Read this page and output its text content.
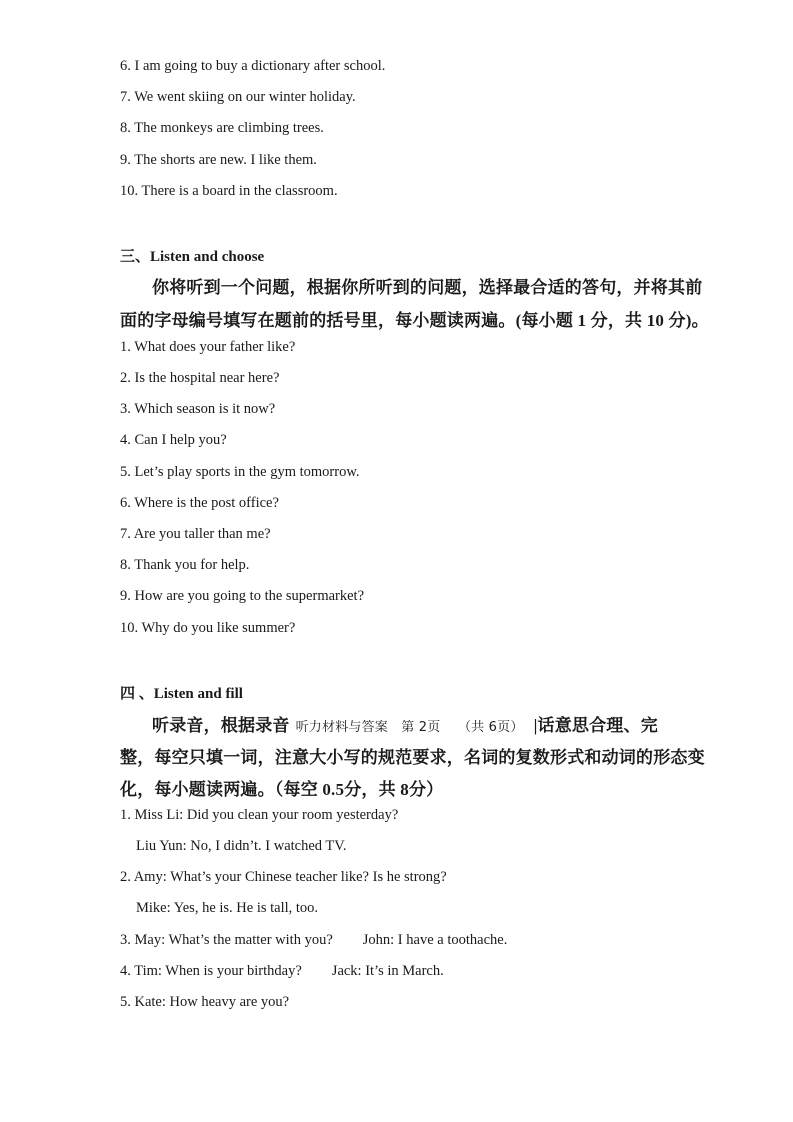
6. I am going to buy a dictionary after school.
7. We went skiing on our winter holiday.
8. The monkeys are climbing trees.
9. The shorts are new. I like them.
10. There is a board in the classroom.
三、Listen and choose
你将听到一个问题，根据你所听到的问题，选择最合适的答句，并将其前
面的字母编号填写在题前的括号里，每小题读两遍。(每小题 1 分，共 10 分)。
1. What does your father like?
2. Is the hospital near here?
3. Which season is it now?
4. Can I help you?
5. Let’s play sports in the gym tomorrow.
6. Where is the post office?
7. Are you taller than me?
8. Thank you for help.
9. How are you going to the supermarket?
10. Why do you like summer?
四 、Listen and fill
听录音，根据录音 听力材料与答案　第 2页　 （共 6页） |话意思合理、完
整，每空只填一词，注意大小写的规范要求，名词的复数形式和动词的形态变
化，每小题读两遍。（每空 0.5分，共 8分）
1. Miss Li: Did you clean your room yesterday?
Liu Yun: No, I didn’t. I watched TV.
2. Amy: What’s your Chinese teacher like? Is he strong?
Mike: Yes, he is. He is tall, too.
3. May: What’s the matter with you? John: I have a toothache.
4. Tim: When is your birthday? Jack: It’s in March.
5. Kate: How heavy are you?
